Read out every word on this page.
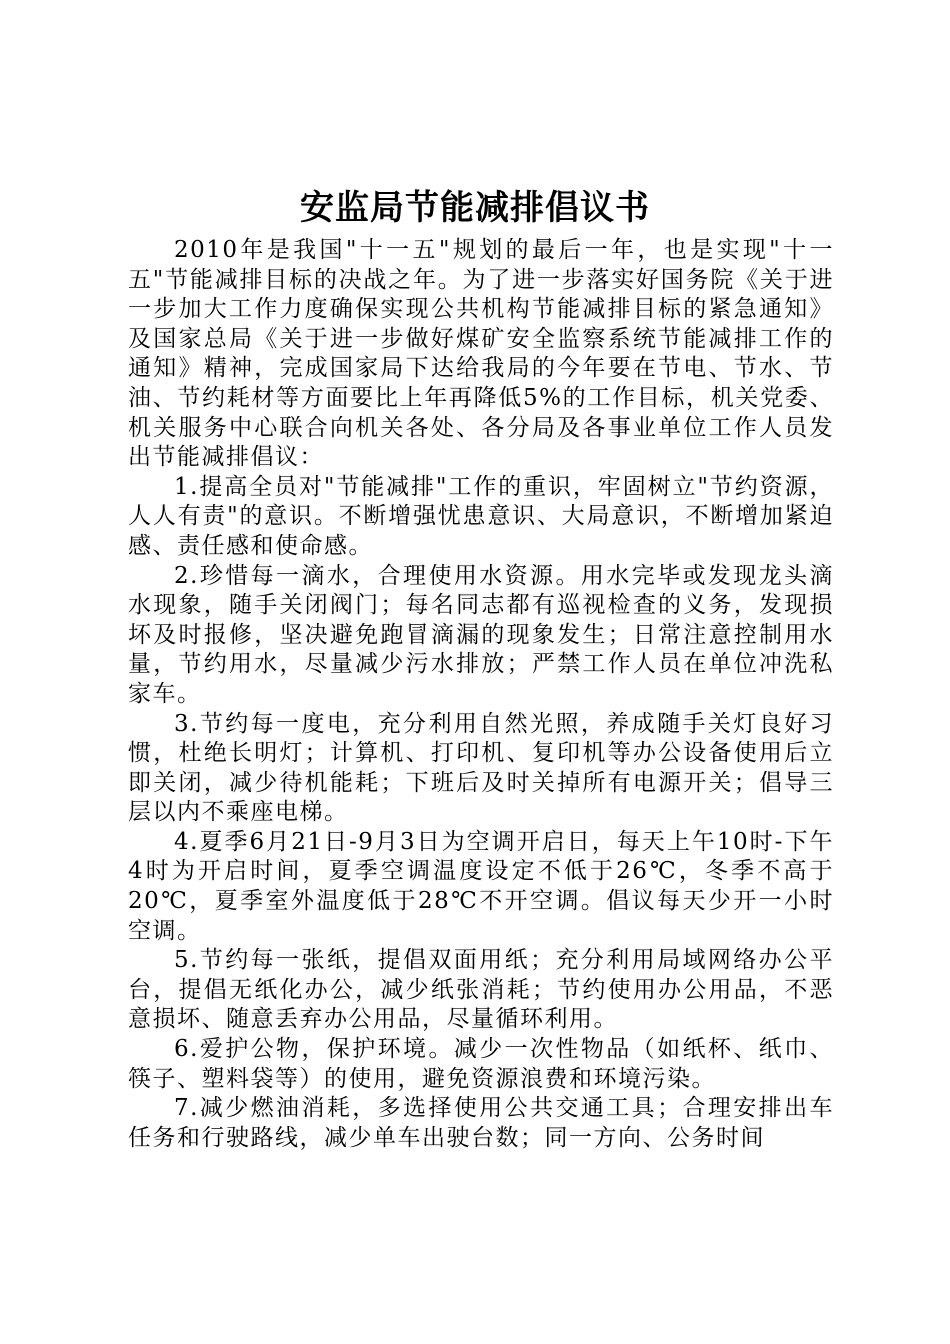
安监局节能减排倡议书

2010年是我国"十一五"规划的最后一年，也是实现"十一五"节能减排目标的决战之年。为了进一步落实好国务院《关于进一步加大工作力度确保实现公共机构节能减排目标的紧急通知》及国家总局《关于进一步做好煤矿安全监察系统节能减排工作的通知》精神，完成国家局下达给我局的今年要在节电、节水、节油、节约耗材等方面要比上年再降低5%的工作目标，机关党委、机关服务中心联合向机关各处、各分局及各事业单位工作人员发出节能减排倡议：

1.提高全员对"节能减排"工作的重识，牢固树立"节约资源，人人有责"的意识。不断增强忧患意识、大局意识，不断增加紧迫感、责任感和使命感。

2.珍惜每一滴水，合理使用水资源。用水完毕或发现龙头滴水现象，随手关闭阀门；每名同志都有巡视检查的义务，发现损坏及时报修，坚决避免跑冒滴漏的现象发生；日常注意控制用水量，节约用水，尽量减少污水排放；严禁工作人员在单位冲洗私家车。

3.节约每一度电，充分利用自然光照，养成随手关灯良好习惯，杜绝长明灯；计算机、打印机、复印机等办公设备使用后立即关闭，减少待机能耗；下班后及时关掉所有电源开关；倡导三层以内不乘座电梯。

4.夏季6月21日-9月3日为空调开启日，每天上午10时-下午4时为开启时间，夏季空调温度设定不低于26℃，冬季不高于20℃，夏季室外温度低于28℃不开空调。倡议每天少开一小时空调。

5.节约每一张纸，提倡双面用纸；充分利用局域网络办公平台，提倡无纸化办公，减少纸张消耗；节约使用办公用品，不恶意损坏、随意丢弃办公用品，尽量循环利用。

6.爱护公物，保护环境。减少一次性物品（如纸杯、纸巾、筷子、塑料袋等）的使用，避免资源浪费和环境污染。

7.减少燃油消耗，多选择使用公共交通工具；合理安排出车任务和行驶路线，减少单车出驶台数；同一方向、公务时间
